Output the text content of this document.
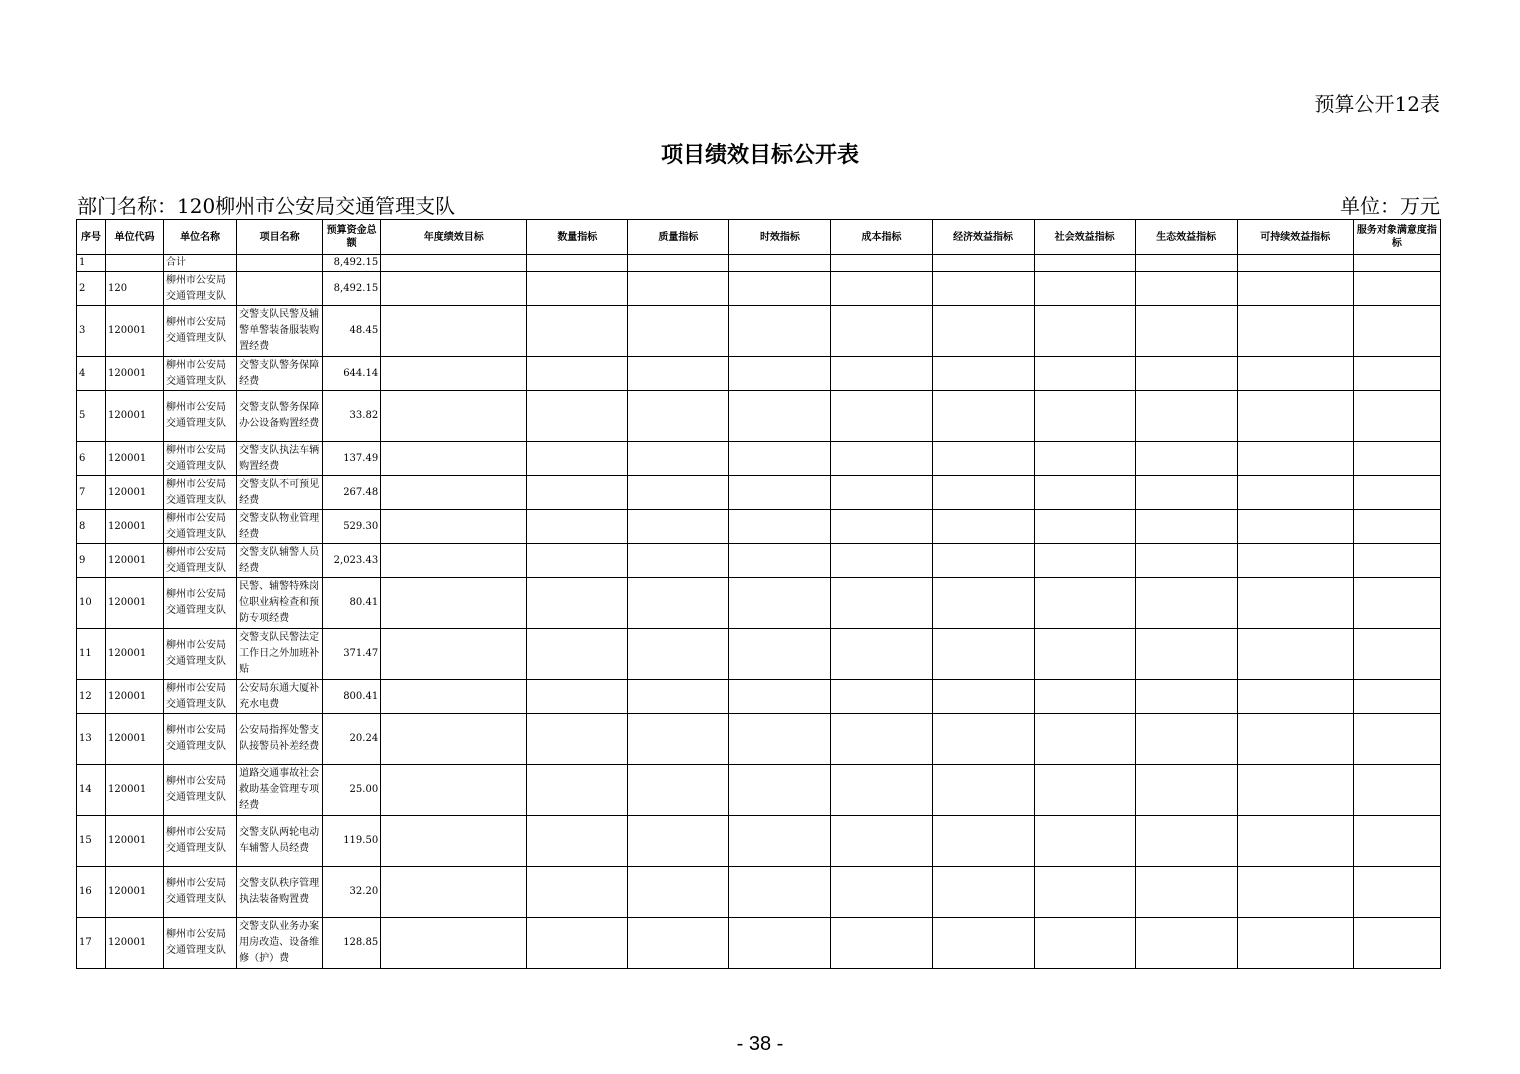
预算公开12表
项目绩效目标公开表
部门名称：120柳州市公安局交通管理支队	单位：万元
序号	单位代码	单位名称	项目名称	预算资金总额	年度绩效目标	数量指标	质量指标	时效指标	成本指标	经济效益指标	社会效益指标	生态效益指标	可持续效益指标	服务对象满意度指标
1		合计		8,492.15										
2	120	柳州市公安局交通管理支队		8,492.15										
3	120001	柳州市公安局交通管理支队	交警支队民警及辅警单警装备服装购置经费	48.45										
4	120001	柳州市公安局交通管理支队	交警支队警务保障经费	644.14										
5	120001	柳州市公安局交通管理支队	交警支队警务保障办公设备购置经费	33.82										
6	120001	柳州市公安局交通管理支队	交警支队执法车辆购置经费	137.49										
7	120001	柳州市公安局交通管理支队	交警支队不可预见经费	267.48										
8	120001	柳州市公安局交通管理支队	交警支队物业管理经费	529.30										
9	120001	柳州市公安局交通管理支队	交警支队辅警人员经费	2,023.43										
10	120001	柳州市公安局交通管理支队	民警、辅警特殊岗位职业病检查和预防专项经费	80.41										
11	120001	柳州市公安局交通管理支队	交警支队民警法定工作日之外加班补贴	371.47										
12	120001	柳州市公安局交通管理支队	公安局东通大厦补充水电费	800.41										
13	120001	柳州市公安局交通管理支队	公安局指挥处警支队接警员补差经费	20.24										
14	120001	柳州市公安局交通管理支队	道路交通事故社会救助基金管理专项经费	25.00										
15	120001	柳州市公安局交通管理支队	交警支队两轮电动车辅警人员经费	119.50										
16	120001	柳州市公安局交通管理支队	交警支队秩序管理执法装备购置费	32.20										
17	120001	柳州市公安局交通管理支队	交警支队业务办案用房改造、设备维修（护）费	128.85										
- 38 -
